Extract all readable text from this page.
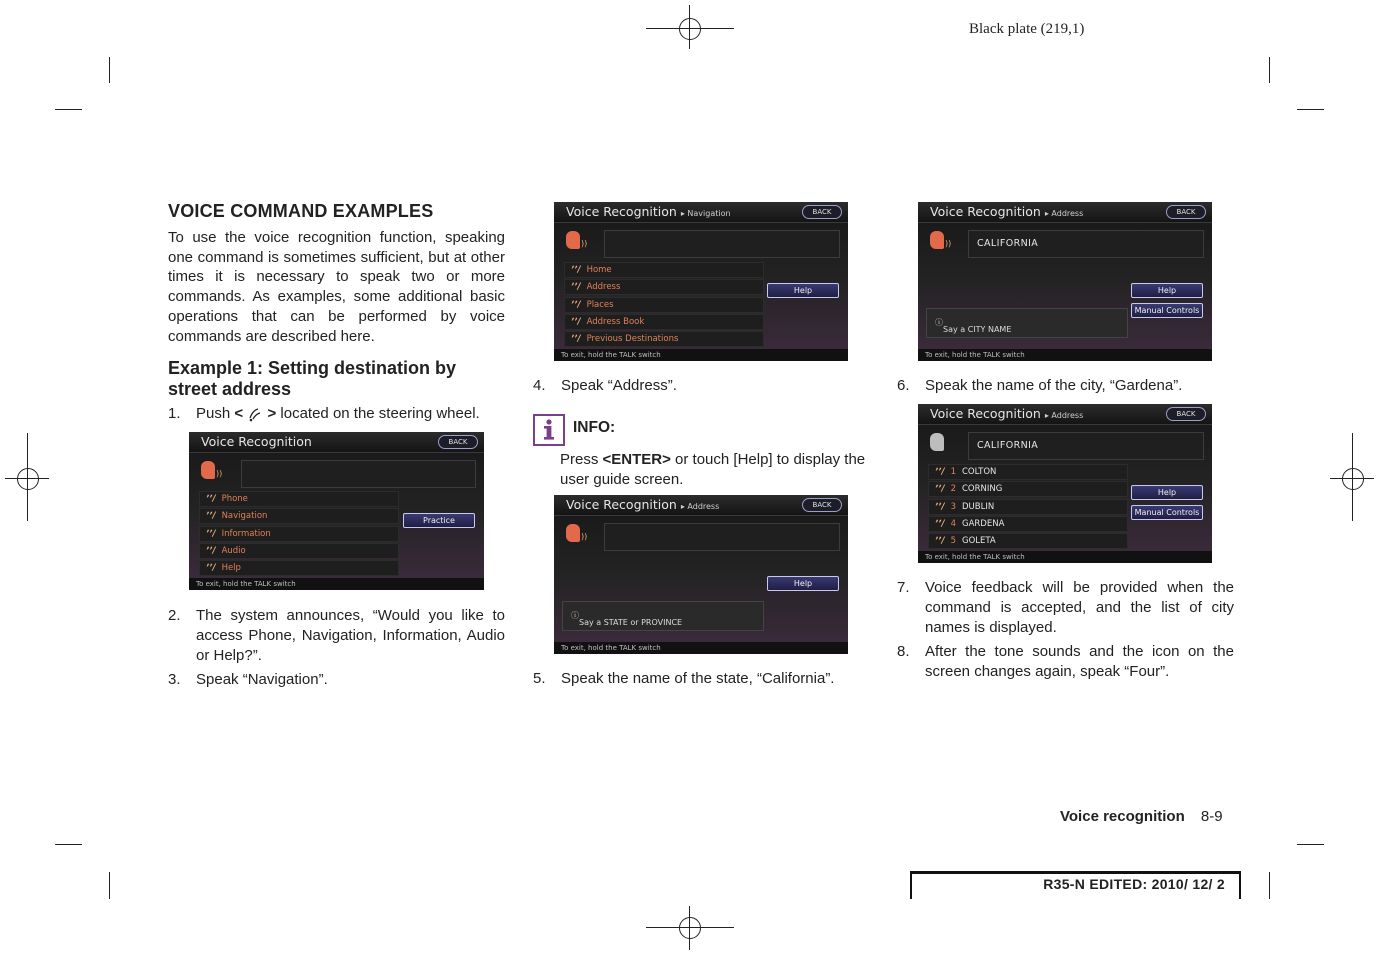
Black plate (219,1)
VOICE COMMAND EXAMPLES

To use the voice recognition function, speaking one command is sometimes sufficient, but at other times it is necessary to speak two or more commands. As examples, some additional basic operations that can be performed by voice commands are described here.

Example 1: Setting destination by street address

1. Push < > located on the steering wheel.

Voice Recognition	BACK
))
ʼʼ/ Phone
ʼʼ/ Navigation
ʼʼ/ Information
ʼʼ/ Audio
ʼʼ/ Help
Practice
To exit, hold the TALK switch

2. The system announces, “Would you like to access Phone, Navigation, Information, Audio or Help?”.

3. Speak “Navigation”.

Voice Recognition ▸ Navigation	BACK
))
ʼʼ/ Home
ʼʼ/ Address
ʼʼ/ Places
ʼʼ/ Address Book
ʼʼ/ Previous Destinations
Help
To exit, hold the TALK switch

4. Speak “Address”.

INFO:

Press <ENTER> or touch [Help] to display the user guide screen.

Voice Recognition ▸ Address	BACK
))
Help
ⓘ
Say a STATE or PROVINCE
To exit, hold the TALK switch

5. Speak the name of the state, “California”.

Voice Recognition ▸ Address	BACK
))	CALIFORNIA
Help
Manual Controls
ⓘ
Say a CITY NAME
To exit, hold the TALK switch

6. Speak the name of the city, “Gardena”.

Voice Recognition ▸ Address	BACK
CALIFORNIA
ʼʼ/ 1 COLTON
ʼʼ/ 2 CORNING
ʼʼ/ 3 DUBLIN
ʼʼ/ 4 GARDENA
ʼʼ/ 5 GOLETA
Help
Manual Controls
To exit, hold the TALK switch

7. Voice feedback will be provided when the command is accepted, and the list of city names is displayed.

8. After the tone sounds and the icon on the screen changes again, speak “Four”.

Voice recognition 8-9
R35-N EDITED: 2010/ 12/ 2
